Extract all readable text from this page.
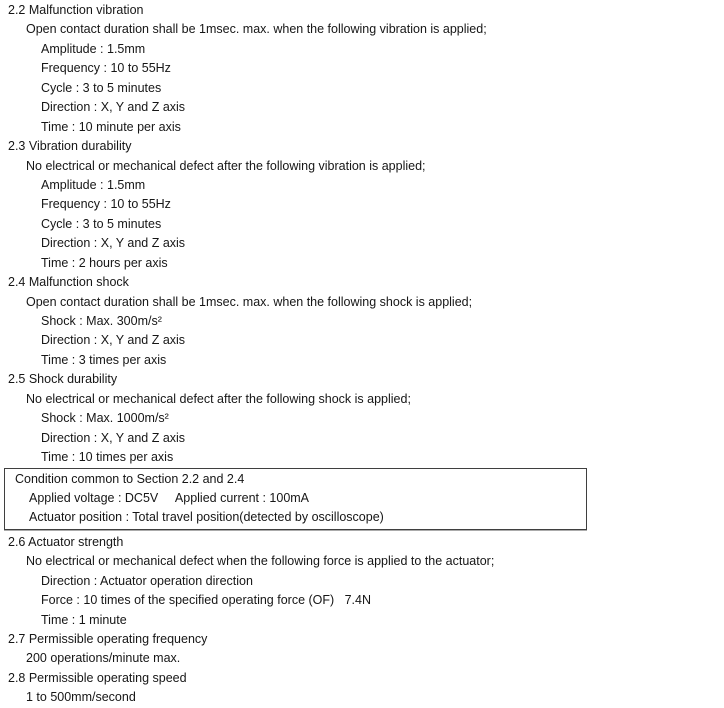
2.2 Malfunction vibration
Open contact duration shall be 1msec. max. when the following vibration is applied;
Amplitude : 1.5mm
Frequency : 10 to 55Hz
Cycle : 3 to 5 minutes
Direction : X, Y and Z axis
Time : 10 minute per axis
2.3 Vibration durability
No electrical or mechanical defect after the following vibration is applied;
Amplitude : 1.5mm
Frequency : 10 to 55Hz
Cycle : 3 to 5 minutes
Direction : X, Y and Z axis
Time : 2 hours per axis
2.4 Malfunction shock
Open contact duration shall be 1msec. max. when the following shock is applied;
Shock : Max. 300m/s²
Direction : X, Y and Z axis
Time : 3 times per axis
2.5 Shock durability
No electrical or mechanical defect after the following shock is applied;
Shock : Max. 1000m/s²
Direction : X, Y and Z axis
Time : 10 times per axis
Condition common to Section 2.2 and 2.4
Applied voltage : DC5V     Applied current : 100mA
Actuator position : Total travel position(detected by oscilloscope)
2.6 Actuator strength
No electrical or mechanical defect when the following force is applied to the actuator;
Direction : Actuator operation direction
Force : 10 times of the specified operating force (OF)   7.4N
Time : 1 minute
2.7 Permissible operating frequency
200 operations/minute max.
2.8 Permissible operating speed
1 to 500mm/second
